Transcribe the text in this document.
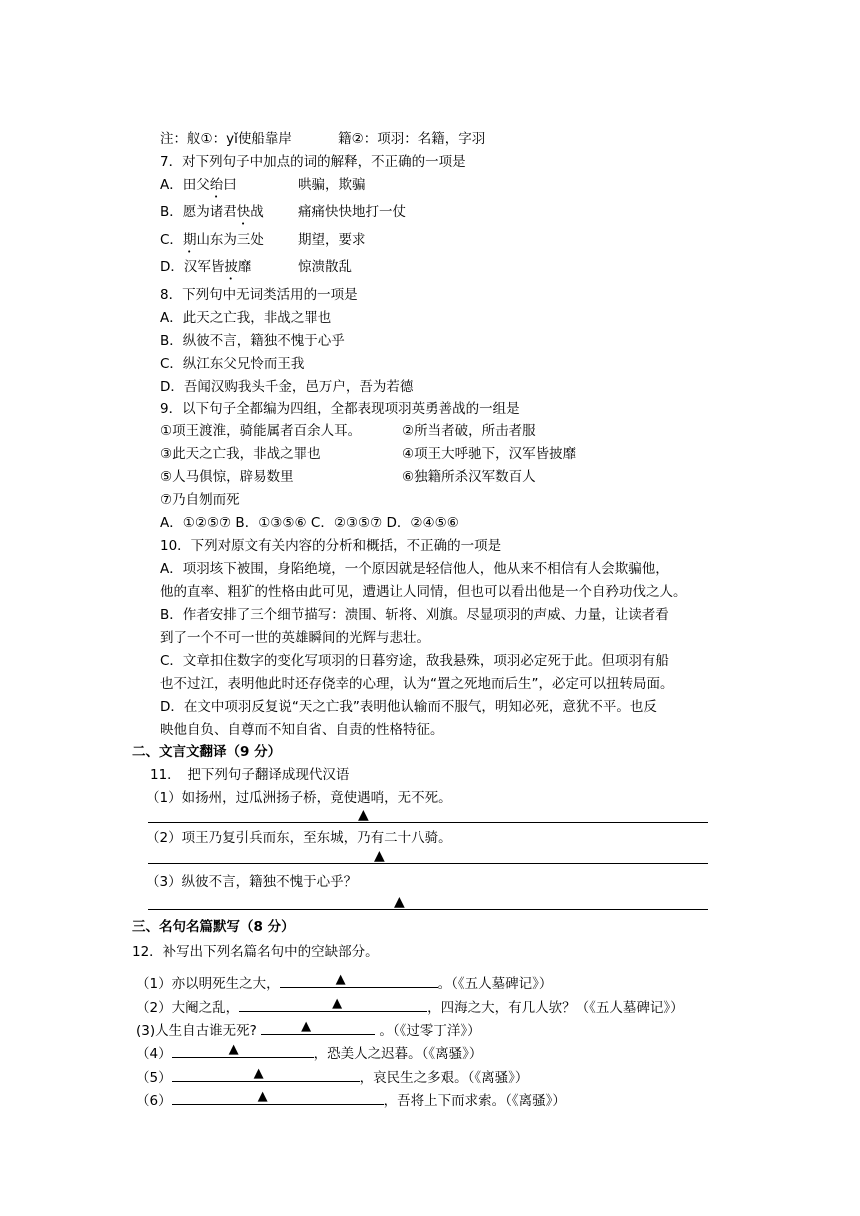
注：舣①：yǐ使船靠岸	籍②：项羽：名籍，字羽
7．对下列句子中加点的词的解释，不正确的一项是
A．田父绐曰	哄骗，欺骗
B．愿为诸君快战	痛痛快快地打一仗
C．期山东为三处	期望，要求
D．汉军皆披靡	惊溃散乱
8．下列句中无词类活用的一项是
A．此天之亡我，非战之罪也
B．纵彼不言，籍独不愧于心乎
C．纵江东父兄怜而王我
D．吾闻汉购我头千金，邑万户，吾为若德
9．以下句子全都编为四组，全都表现项羽英勇善战的一组是
①项王渡淮，骑能属者百余人耳。	②所当者破，所击者服
③此天之亡我，非战之罪也	④项王大呼驰下，汉军皆披靡
⑤人马俱惊，辟易数里	⑥独籍所杀汉军数百人
⑦乃自刎而死
A．①②⑤⑦ B．①③⑤⑥ C．②③⑤⑦ D．②④⑤⑥
10．下列对原文有关内容的分析和概括，不正确的一项是
A．项羽垓下被围，身陷绝境，一个原因就是轻信他人，他从来不相信有人会欺骗他，
他的直率、粗犷的性格由此可见，遭遇让人同情，但也可以看出他是一个自矜功伐之人。
B．作者安排了三个细节描写：溃围、斩将、刈旗。尽显项羽的声威、力量，让读者看
到了一个不可一世的英雄瞬间的光辉与悲壮。
C．文章扣住数字的变化写项羽的日暮穷途，敌我悬殊，项羽必定死于此。但项羽有船
也不过江，表明他此时还存侥幸的心理，认为“置之死地而后生”，必定可以扭转局面。
D．在文中项羽反复说“天之亡我”表明他认输而不服气，明知必死，意犹不平。也反
映他自负、自尊而不知自省、自责的性格特征。
二、文言文翻译（9 分）
11．　把下列句子翻译成现代汉语
（1）如扬州，过瓜洲扬子桥，竟使遇哨，无不死。
▲
（2）项王乃复引兵而东，至东城，乃有二十八骑。
▲
（3）纵彼不言，籍独不愧于心乎？
▲
三、名句名篇默写（8 分）
12．补写出下列名篇名句中的空缺部分。
（1）亦以明死生之大，	▲	。（《五人墓碑记》）
（2）大阉之乱，	▲	，四海之大，有几人欤？（《五人墓碑记》）
(3)人生自古谁无死?	▲	。（《过零丁洋》）
（4）	▲	，恐美人之迟暮。（《离骚》）
（5）	▲	，哀民生之多艰。（《离骚》）
（6）	▲	，吾将上下而求索。（《离骚》）
